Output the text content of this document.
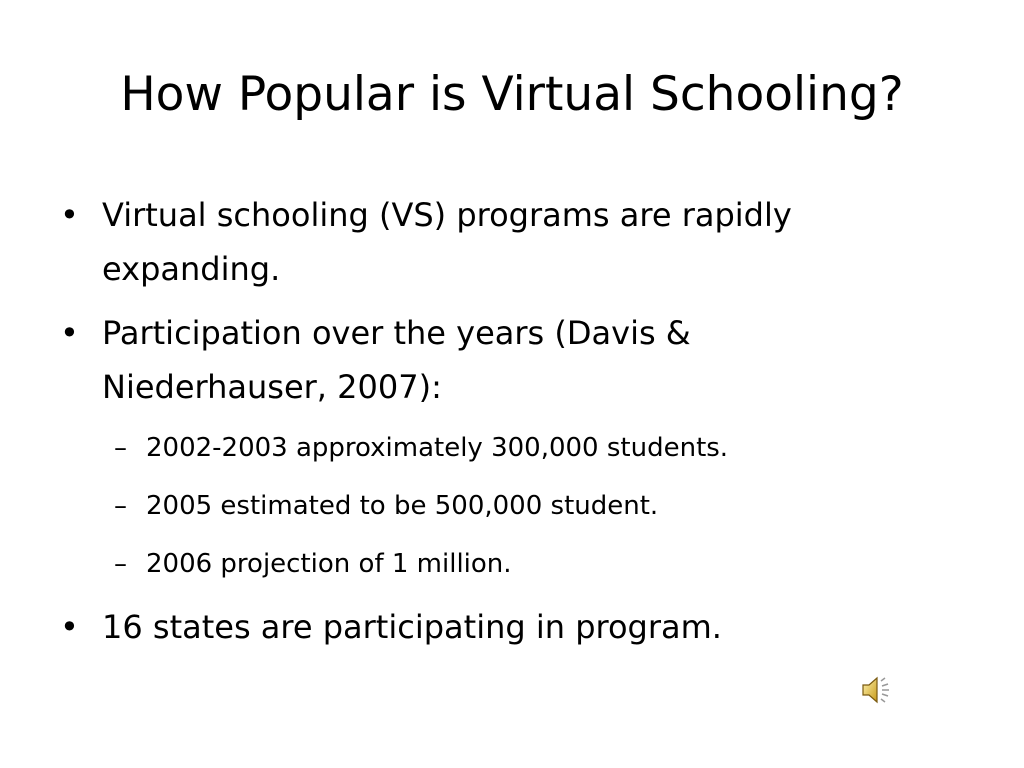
How Popular is Virtual Schooling?
• Virtual schooling (VS) programs are rapidly
expanding.
• Participation over the years (Davis &
Niederhauser, 2007):
– 2002-2003 approximately 300,000 students.
– 2005 estimated to be 500,000 student.
– 2006 projection of 1 million.
• 16 states are participating in program.
